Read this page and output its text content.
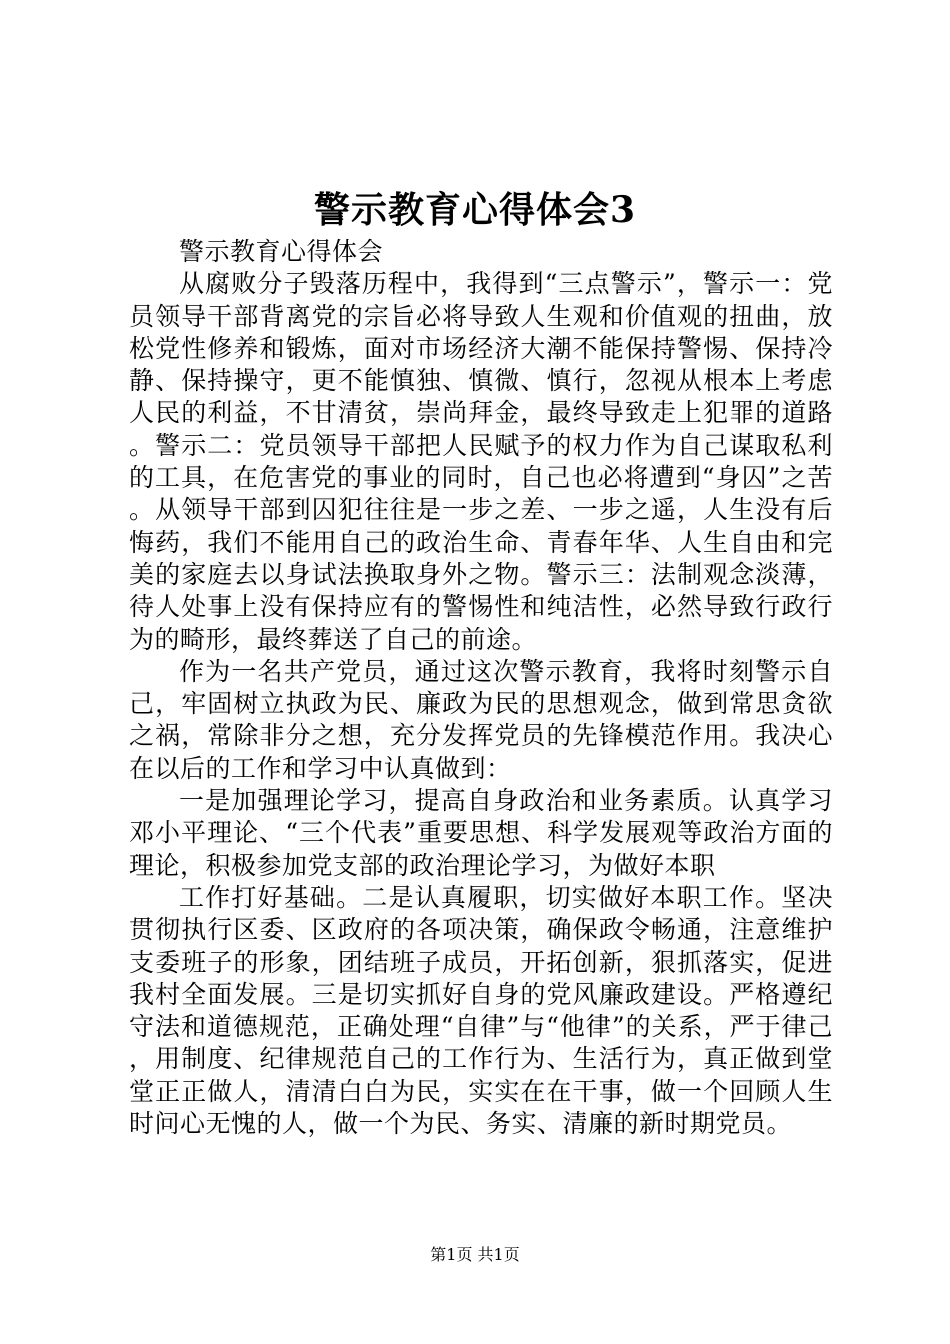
警示教育心得体会3

警示教育心得体会

从腐败分子毁落历程中，我得到“三点警示”，警示一：党员领导干部背离党的宗旨必将导致人生观和价值观的扭曲，放松党性修养和锻炼，面对市场经济大潮不能保持警惕、保持冷静、保持操守，更不能慎独、慎微、慎行，忽视从根本上考虑人民的利益，不甘清贫，崇尚拜金，最终导致走上犯罪的道路。警示二：党员领导干部把人民赋予的权力作为自己谋取私利的工具，在危害党的事业的同时，自己也必将遭到“身囚”之苦。从领导干部到囚犯往往是一步之差、一步之遥，人生没有后悔药，我们不能用自己的政治生命、青春年华、人生自由和完美的家庭去以身试法换取身外之物。警示三：法制观念淡薄，待人处事上没有保持应有的警惕性和纯洁性，必然导致行政行为的畸形，最终葬送了自己的前途。

作为一名共产党员，通过这次警示教育，我将时刻警示自己，牢固树立执政为民、廉政为民的思想观念，做到常思贪欲之祸，常除非分之想，充分发挥党员的先锋模范作用。我决心在以后的工作和学习中认真做到：

一是加强理论学习，提高自身政治和业务素质。认真学习邓小平理论、“三个代表”重要思想、科学发展观等政治方面的理论，积极参加党支部的政治理论学习，为做好本职

工作打好基础。二是认真履职，切实做好本职工作。坚决贯彻执行区委、区政府的各项决策，确保政令畅通，注意维护支委班子的形象，团结班子成员，开拓创新，狠抓落实，促进我村全面发展。三是切实抓好自身的党风廉政建设。严格遵纪守法和道德规范，正确处理“自律”与“他律”的关系，严于律己，用制度、纪律规范自己的工作行为、生活行为，真正做到堂堂正正做人，清清白白为民，实实在在干事，做一个回顾人生时问心无愧的人，做一个为民、务实、清廉的新时期党员。

第1页 共1页
